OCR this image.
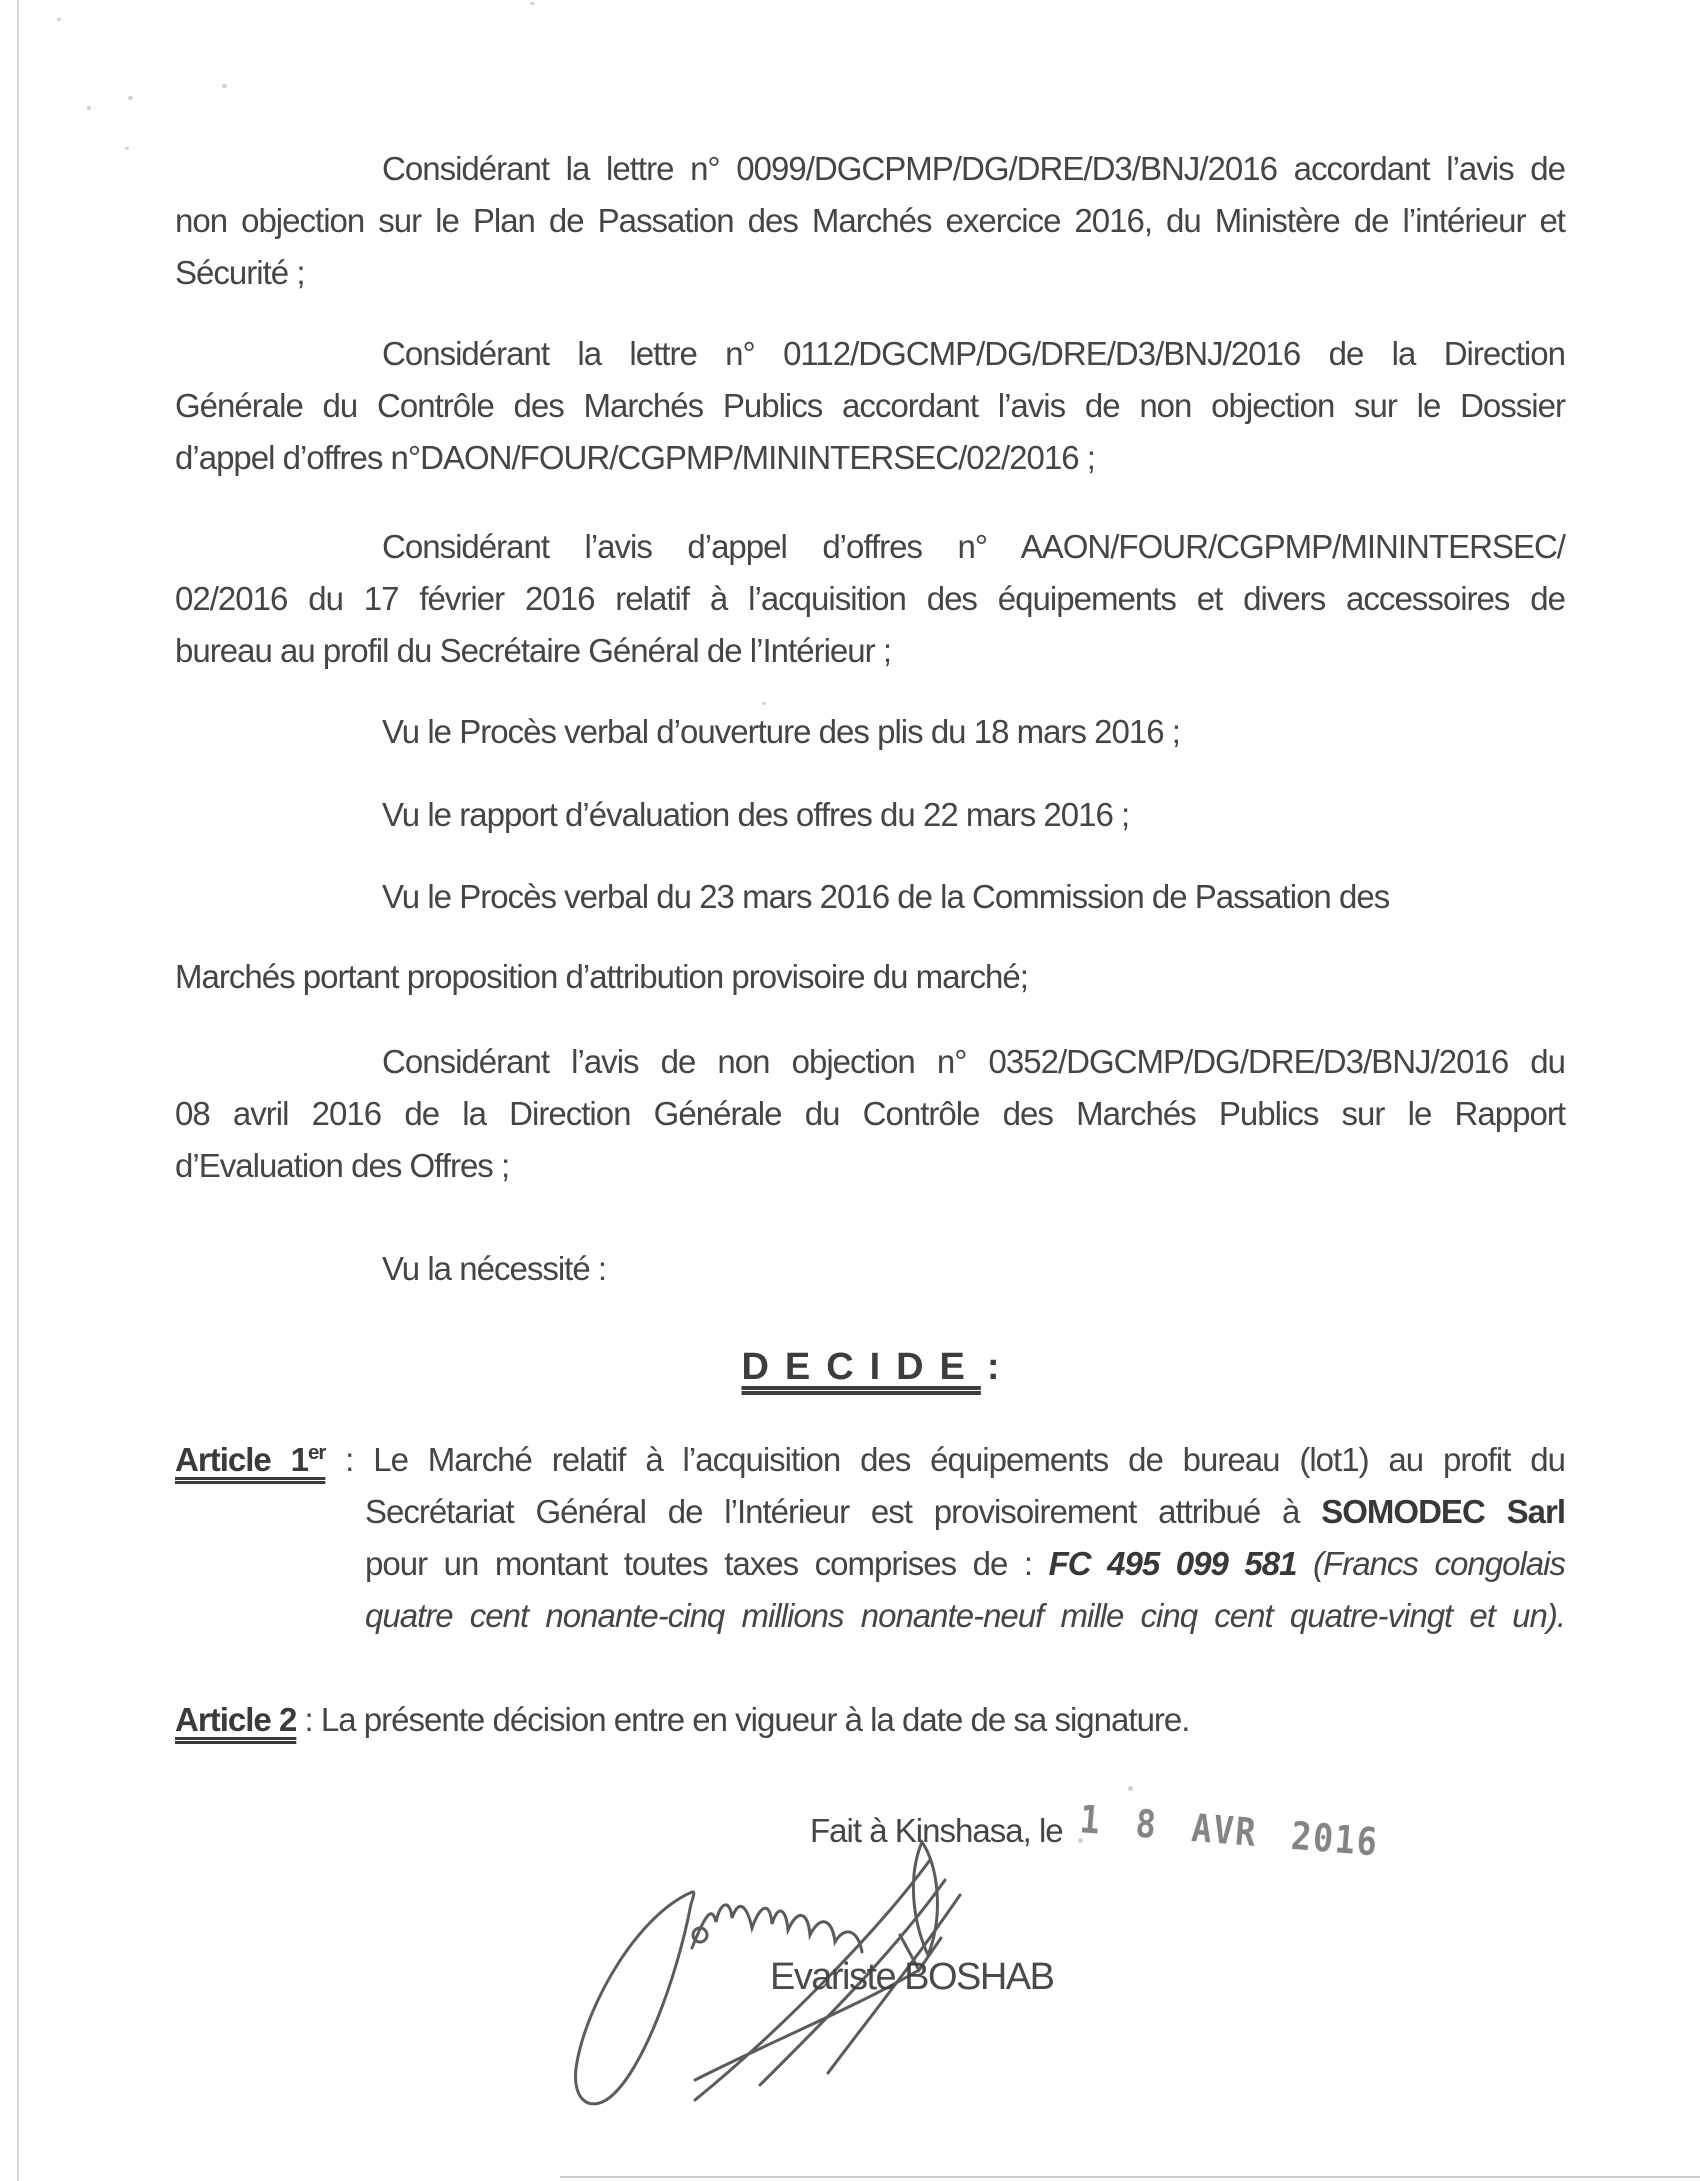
Considérant la lettre n° 0099/DGCPMP/DG/DRE/D3/BNJ/2016 accordant l’avis de
non objection sur le Plan de Passation des Marchés exercice 2016, du Ministère de l’intérieur et
Sécurité ;

Considérant la lettre n° 0112/DGCMP/DG/DRE/D3/BNJ/2016 de la Direction
Générale du Contrôle des Marchés Publics accordant l’avis de non objection sur le Dossier
d’appel d’offres n°DAON/FOUR/CGPMP/MININTERSEC/02/2016 ;

Considérant l’avis d’appel d’offres n° AAON/FOUR/CGPMP/MININTERSEC/
02/2016 du 17 février 2016 relatif à l’acquisition des équipements et divers accessoires de
bureau au profil du Secrétaire Général de l’Intérieur ;

Vu le Procès verbal d’ouverture des plis du 18 mars 2016 ;

Vu le rapport d’évaluation des offres du 22 mars 2016 ;

Vu le Procès verbal du 23 mars 2016 de la Commission de Passation des

Marchés portant proposition d’attribution provisoire du marché;

Considérant l’avis de non objection n° 0352/DGCMP/DG/DRE/D3/BNJ/2016 du
08 avril 2016 de la Direction Générale du Contrôle des Marchés Publics sur le Rapport
d’Evaluation des Offres ;

Vu la nécessité :

DECIDE :

Article 1er : Le Marché relatif à l’acquisition des équipements de bureau (lot1) au profit du
Secrétariat Général de l’Intérieur est provisoirement attribué à SOMODEC Sarl
pour un montant toutes taxes comprises de : FC 495 099 581 (Francs congolais
quatre cent nonante-cinq millions nonante-neuf mille cinq cent quatre-vingt et un).

Article 2 : La présente décision entre en vigueur à la date de sa signature.

Fait à Kinshasa, le 1 8 AVR 2016

Evariste BOSHAB
